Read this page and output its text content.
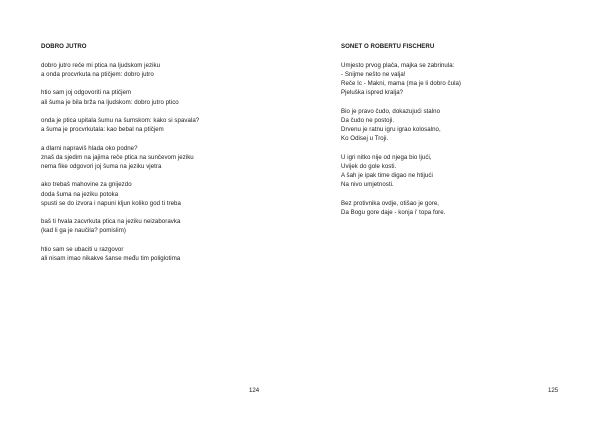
DOBRO JUTRO
dobro jutro reče mi ptica na ljudskom jeziku
a onda procvrkuta na ptičjem: dobro jutro
htio sam joj odgovoriti na ptičjem
ali šuma je bila brža na ljudskom: dobro jutro ptico
onda je ptica upitala šumu na šumskom: kako si spavala?
a šuma je procvrkutala: kao bebal na ptičjem
a dlarni napraviš hlada oko podne?
znaš da sjedim na jajima reče ptica na sunčevom jeziku
nema fike odgovori joj šuma na jeziku vjetra
ako trebaš mahovine za gnijezdo
doda šuma na jeziku potoka
spusti se do izvora i napuni kljun koliko god ti treba
baš ti hvala zacvrkuta ptica na jeziku neizaboravka
(kad li ga je naučila? pomislim)
htio sam se ubaciti u razgovor
ali nisam imao nikakve šanse među tim poliglotima
124
SONET O ROBERTU FISCHERU
Umjesto prvog plača, majka se zabrinula:
- Snijme nešto ne valja!
Reče Ic - Makni, mama (ma je li dobro čula)
Pjeluška ispred kralja?
Bio je pravo čudo, dokazujući stalno
Da čudo ne postoji.
Drvenu je ratnu igru igrao kolosalno,
Ko Odisej u Troji.
U igri nitko nije od njega bio ljući,
Uvijek do gole kosti.
A šah je ipak time digao ne htijući
Na nivo umjetnosti.
Bez protivnika ovdje, otišao je gore,
Da Bogu gore daje - konja i' topa fore.
125
